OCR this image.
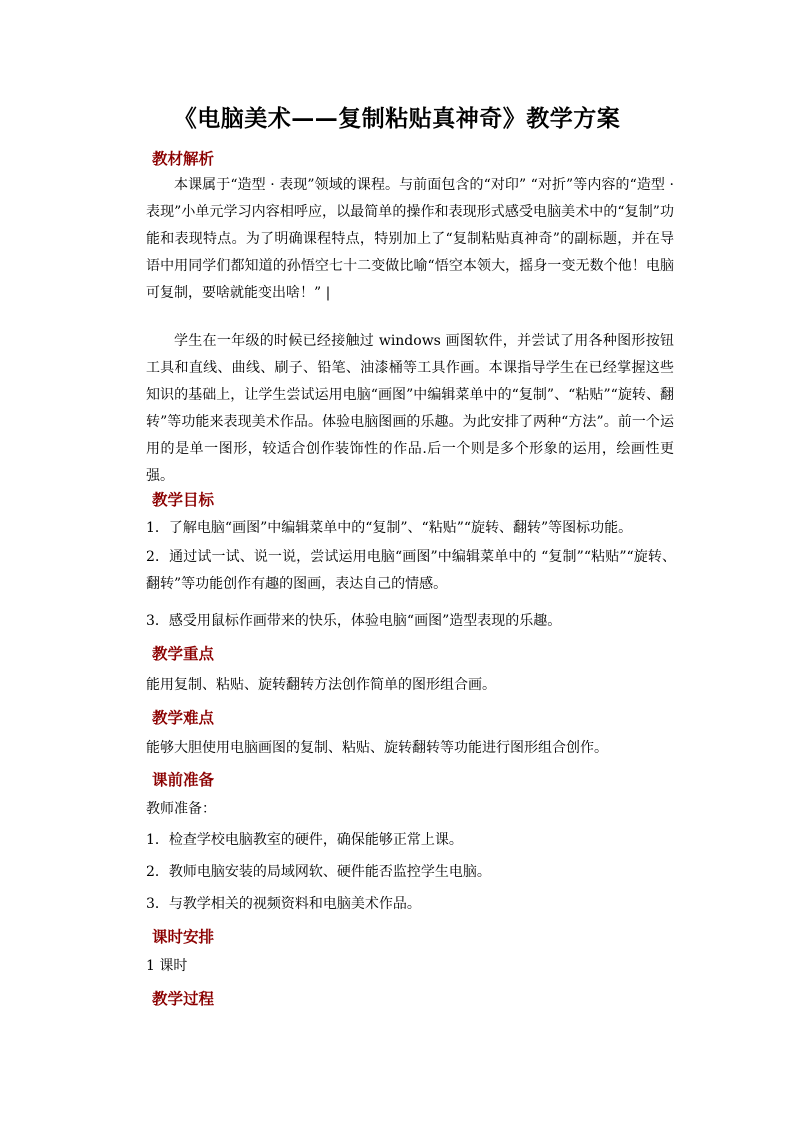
《电脑美术——复制粘贴真神奇》教学方案
教材解析
本课属于“造型 · 表现”领域的课程。与前面包含的“对印” “对折”等内容的“造型 · 表现”小单元学习内容相呼应，以最简单的操作和表现形式感受电脑美术中的“复制”功能和表现特点。为了明确课程特点，特别加上了“复制粘贴真神奇”的副标题，并在导语中用同学们都知道的孙悟空七十二变做比喻“悟空本领大，摇身一变无数个他！电脑可复制，要啥就能变出啥！” |
学生在一年级的时候已经接触过 windows 画图软件，并尝试了用各种图形按钮工具和直线、曲线、刷子、铅笔、油漆桶等工具作画。本课指导学生在已经掌握这些知识的基础上，让学生尝试运用电脑“画图”中编辑菜单中的“复制”、“粘贴”“旋转、翻转”等功能来表现美术作品。体验电脑图画的乐趣。为此安排了两种“方法”。前一个运用的是单一图形，较适合创作装饰性的作品.后一个则是多个形象的运用，绘画性更强。
教学目标
1．了解电脑“画图”中编辑菜单中的“复制”、“粘贴”“旋转、翻转”等图标功能。
2．通过试一试、说一说，尝试运用电脑“画图”中编辑菜单中的 “复制”“粘贴”“旋转、翻转”等功能创作有趣的图画，表达自己的情感。
3．感受用鼠标作画带来的快乐，体验电脑“画图”造型表现的乐趣。
教学重点
能用复制、粘贴、旋转翻转方法创作简单的图形组合画。
教学难点
能够大胆使用电脑画图的复制、粘贴、旋转翻转等功能进行图形组合创作。
课前准备
教师准备：
1．检查学校电脑教室的硬件，确保能够正常上课。
2．教师电脑安装的局域网软、硬件能否监控学生电脑。
3．与教学相关的视频资料和电脑美术作品。
课时安排
1 课时
教学过程
